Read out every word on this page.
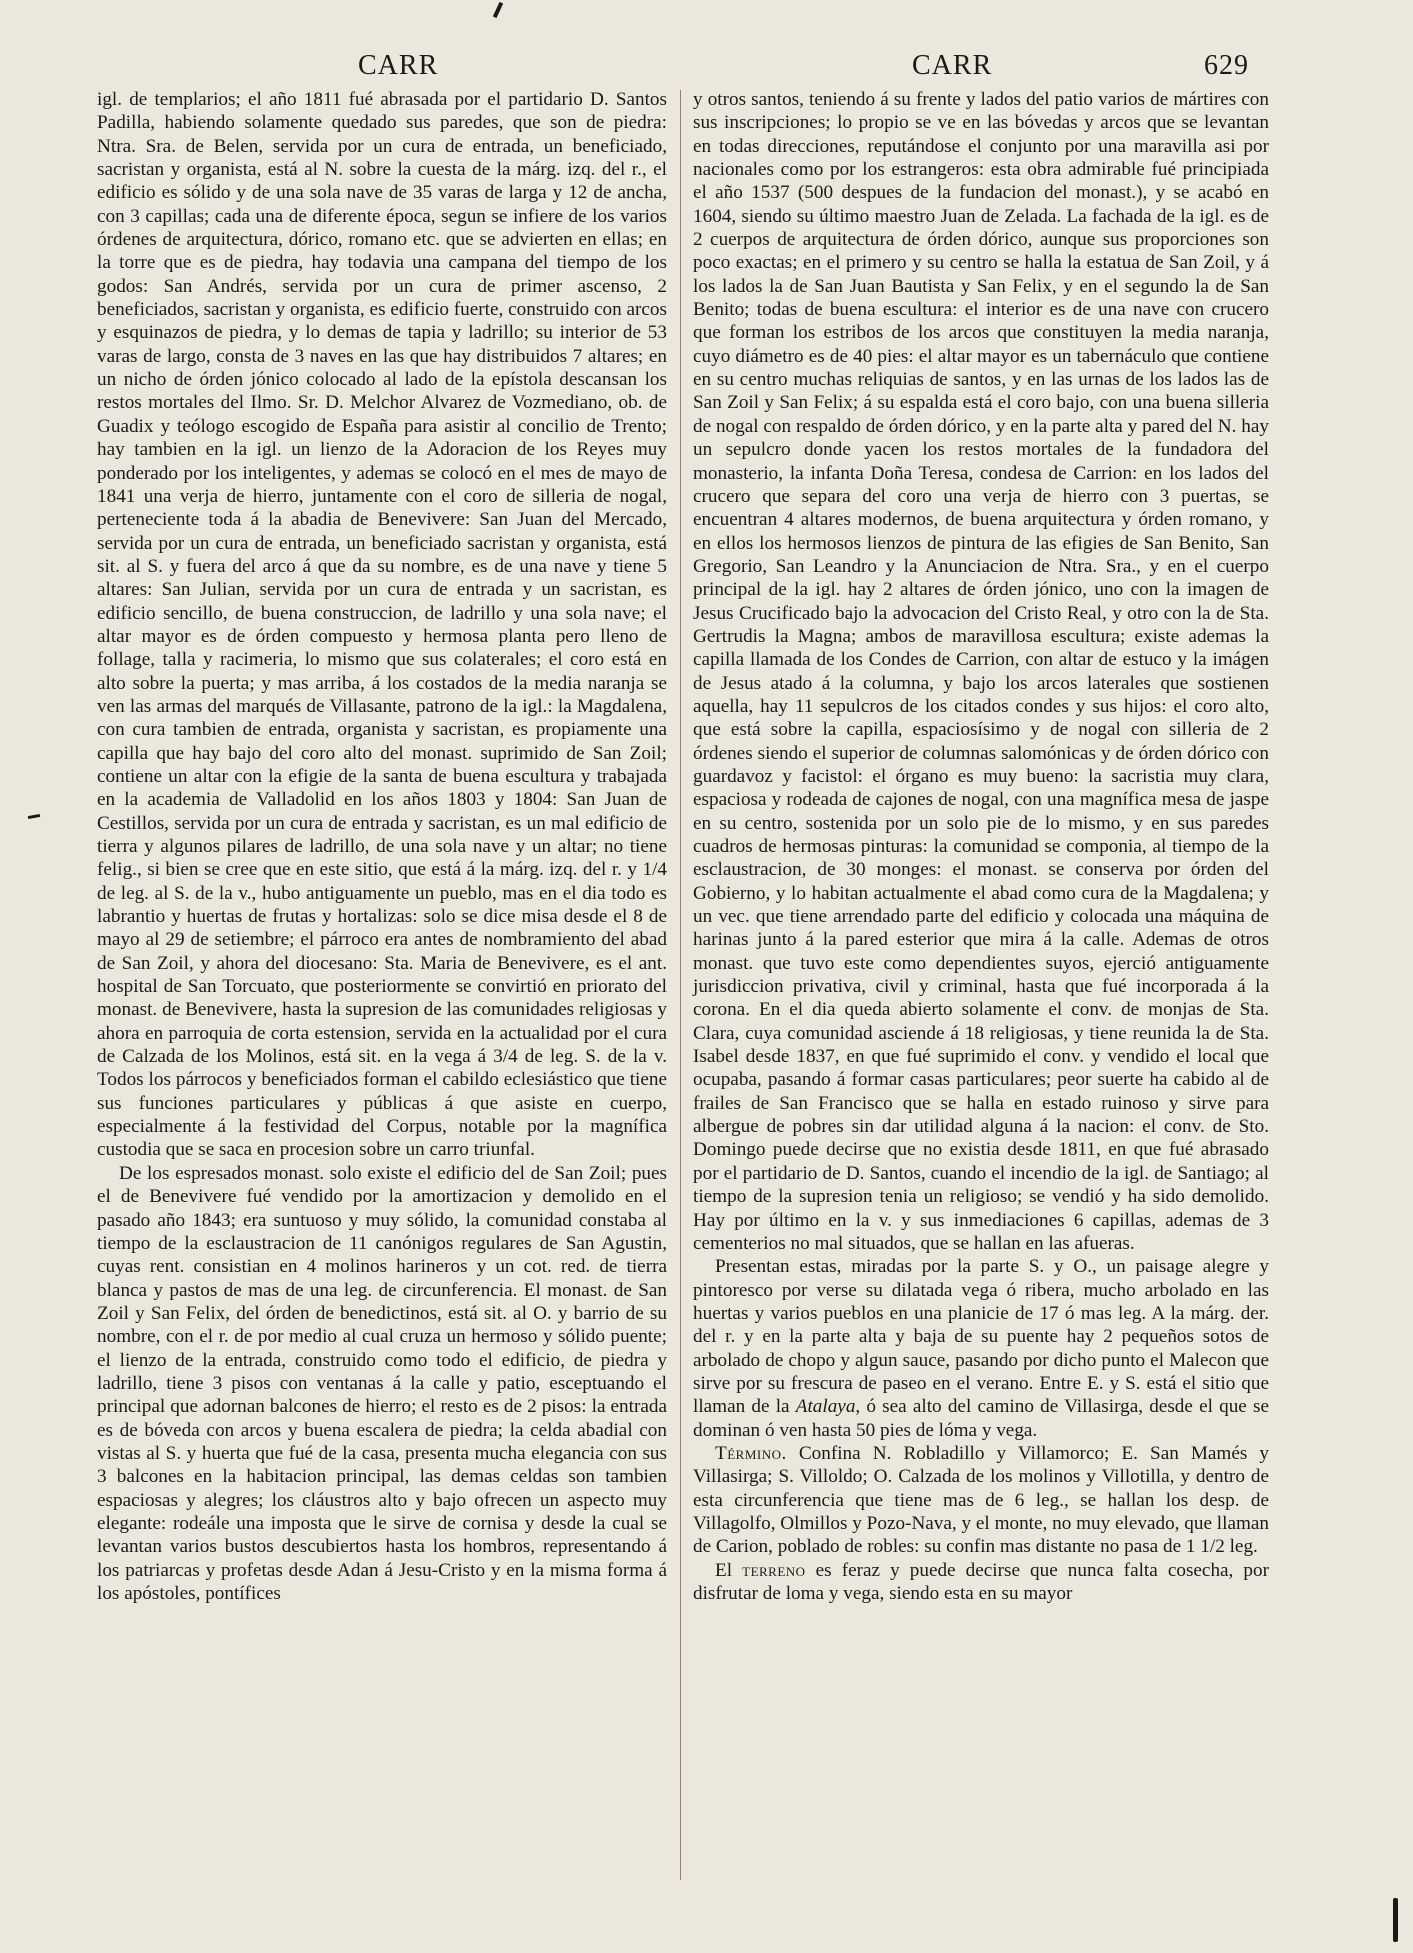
CARR	CARR	629

igl. de templarios; el año 1811 fué abrasada por el partidario D. Santos Padilla, habiendo solamente quedado sus paredes, que son de piedra: Ntra. Sra. de Belen, servida por un cura de entrada, un beneficiado, sacristan y organista, está al N. sobre la cuesta de la márg. izq. del r., el edificio es sólido y de una sola nave de 35 varas de larga y 12 de ancha, con 3 capillas; cada una de diferente época, segun se infiere de los varios órdenes de arquitectura, dórico, romano etc. que se advierten en ellas; en la torre que es de piedra, hay todavia una campana del tiempo de los godos: San Andrés, servida por un cura de primer ascenso, 2 beneficiados, sacristan y organista, es edificio fuerte, construido con arcos y esquinazos de piedra, y lo demas de tapia y ladrillo; su interior de 53 varas de largo, consta de 3 naves en las que hay distribuidos 7 altares; en un nicho de órden jónico colocado al lado de la epístola descansan los restos mortales del Ilmo. Sr. D. Melchor Alvarez de Vozmediano, ob. de Guadix y teólogo escogido de España para asistir al concilio de Trento; hay tambien en la igl. un lienzo de la Adoracion de los Reyes muy ponderado por los inteligentes, y ademas se colocó en el mes de mayo de 1841 una verja de hierro, juntamente con el coro de silleria de nogal, perteneciente toda á la abadia de Benevivere: San Juan del Mercado, servida por un cura de entrada, un beneficiado sacristan y organista, está sit. al S. y fuera del arco á que da su nombre, es de una nave y tiene 5 altares: San Julian, servida por un cura de entrada y un sacristan, es edificio sencillo, de buena construccion, de ladrillo y una sola nave; el altar mayor es de órden compuesto y hermosa planta pero lleno de follage, talla y racimeria, lo mismo que sus colaterales; el coro está en alto sobre la puerta; y mas arriba, á los costados de la media naranja se ven las armas del marqués de Villasante, patrono de la igl.: la Magdalena, con cura tambien de entrada, organista y sacristan, es propiamente una capilla que hay bajo del coro alto del monast. suprimido de San Zoil; contiene un altar con la efigie de la santa de buena escultura y trabajada en la academia de Valladolid en los años 1803 y 1804: San Juan de Cestillos, servida por un cura de entrada y sacristan, es un mal edificio de tierra y algunos pilares de ladrillo, de una sola nave y un altar; no tiene felig., si bien se cree que en este sitio, que está á la márg. izq. del r. y 1/4 de leg. al S. de la v., hubo antiguamente un pueblo, mas en el dia todo es labrantio y huertas de frutas y hortalizas: solo se dice misa desde el 8 de mayo al 29 de setiembre; el párroco era antes de nombramiento del abad de San Zoil, y ahora del diocesano: Sta. Maria de Benevivere, es el ant. hospital de San Torcuato, que posteriormente se convirtió en priorato del monast. de Benevivere, hasta la supresion de las comunidades religiosas y ahora en parroquia de corta estension, servida en la actualidad por el cura de Calzada de los Molinos, está sit. en la vega á 3/4 de leg. S. de la v. Todos los párrocos y beneficiados forman el cabildo eclesiástico que tiene sus funciones particulares y públicas á que asiste en cuerpo, especialmente á la festividad del Corpus, notable por la magnífica custodia que se saca en procesion sobre un carro triunfal.

De los espresados monast. solo existe el edificio del de San Zoil; pues el de Benevivere fué vendido por la amortizacion y demolido en el pasado año 1843; era suntuoso y muy sólido, la comunidad constaba al tiempo de la esclaustracion de 11 canónigos regulares de San Agustin, cuyas rent. consistian en 4 molinos harineros y un cot. red. de tierra blanca y pastos de mas de una leg. de circunferencia. El monast. de San Zoil y San Felix, del órden de benedictinos, está sit. al O. y barrio de su nombre, con el r. de por medio al cual cruza un hermoso y sólido puente; el lienzo de la entrada, construido como todo el edificio, de piedra y ladrillo, tiene 3 pisos con ventanas á la calle y patio, esceptuando el principal que adornan balcones de hierro; el resto es de 2 pisos: la entrada es de bóveda con arcos y buena escalera de piedra; la celda abadial con vistas al S. y huerta que fué de la casa, presenta mucha elegancia con sus 3 balcones en la habitacion principal, las demas celdas son tambien espaciosas y alegres; los cláustros alto y bajo ofrecen un aspecto muy elegante: rodeále una imposta que le sirve de cornisa y desde la cual se levantan varios bustos descubiertos hasta los hombros, representando á los patriarcas y profetas desde Adan á Jesu-Cristo y en la misma forma á los apóstoles, pontífices

y otros santos, teniendo á su frente y lados del patio varios de mártires con sus inscripciones; lo propio se ve en las bóvedas y arcos que se levantan en todas direcciones, reputándose el conjunto por una maravilla asi por nacionales como por los estrangeros: esta obra admirable fué principiada el año 1537 (500 despues de la fundacion del monast.), y se acabó en 1604, siendo su último maestro Juan de Zelada. La fachada de la igl. es de 2 cuerpos de arquitectura de órden dórico, aunque sus proporciones son poco exactas; en el primero y su centro se halla la estatua de San Zoil, y á los lados la de San Juan Bautista y San Felix, y en el segundo la de San Benito; todas de buena escultura: el interior es de una nave con crucero que forman los estribos de los arcos que constituyen la media naranja, cuyo diámetro es de 40 pies: el altar mayor es un tabernáculo que contiene en su centro muchas reliquias de santos, y en las urnas de los lados las de San Zoil y San Felix; á su espalda está el coro bajo, con una buena silleria de nogal con respaldo de órden dórico, y en la parte alta y pared del N. hay un sepulcro donde yacen los restos mortales de la fundadora del monasterio, la infanta Doña Teresa, condesa de Carrion: en los lados del crucero que separa del coro una verja de hierro con 3 puertas, se encuentran 4 altares modernos, de buena arquitectura y órden romano, y en ellos los hermosos lienzos de pintura de las efigies de San Benito, San Gregorio, San Leandro y la Anunciacion de Ntra. Sra., y en el cuerpo principal de la igl. hay 2 altares de órden jónico, uno con la imagen de Jesus Crucificado bajo la advocacion del Cristo Real, y otro con la de Sta. Gertrudis la Magna; ambos de maravillosa escultura; existe ademas la capilla llamada de los Condes de Carrion, con altar de estuco y la imágen de Jesus atado á la columna, y bajo los arcos laterales que sostienen aquella, hay 11 sepulcros de los citados condes y sus hijos: el coro alto, que está sobre la capilla, espaciosísimo y de nogal con silleria de 2 órdenes siendo el superior de columnas salomónicas y de órden dórico con guardavoz y facistol: el órgano es muy bueno: la sacristia muy clara, espaciosa y rodeada de cajones de nogal, con una magnífica mesa de jaspe en su centro, sostenida por un solo pie de lo mismo, y en sus paredes cuadros de hermosas pinturas: la comunidad se componia, al tiempo de la esclaustracion, de 30 monges: el monast. se conserva por órden del Gobierno, y lo habitan actualmente el abad como cura de la Magdalena; y un vec. que tiene arrendado parte del edificio y colocada una máquina de harinas junto á la pared esterior que mira á la calle. Ademas de otros monast. que tuvo este como dependientes suyos, ejerció antiguamente jurisdiccion privativa, civil y criminal, hasta que fué incorporada á la corona. En el dia queda abierto solamente el conv. de monjas de Sta. Clara, cuya comunidad asciende á 18 religiosas, y tiene reunida la de Sta. Isabel desde 1837, en que fué suprimido el conv. y vendido el local que ocupaba, pasando á formar casas particulares; peor suerte ha cabido al de frailes de San Francisco que se halla en estado ruinoso y sirve para albergue de pobres sin dar utilidad alguna á la nacion: el conv. de Sto. Domingo puede decirse que no existia desde 1811, en que fué abrasado por el partidario de D. Santos, cuando el incendio de la igl. de Santiago; al tiempo de la supresion tenia un religioso; se vendió y ha sido demolido. Hay por último en la v. y sus inmediaciones 6 capillas, ademas de 3 cementerios no mal situados, que se hallan en las afueras.

Presentan estas, miradas por la parte S. y O., un paisage alegre y pintoresco por verse su dilatada vega ó ribera, mucho arbolado en las huertas y varios pueblos en una planicie de 17 ó mas leg. A la márg. der. del r. y en la parte alta y baja de su puente hay 2 pequeños sotos de arbolado de chopo y algun sauce, pasando por dicho punto el Malecon que sirve por su frescura de paseo en el verano. Entre E. y S. está el sitio que llaman de la Atalaya, ó sea alto del camino de Villasirga, desde el que se dominan ó ven hasta 50 pies de lóma y vega.

Término. Confina N. Robladillo y Villamorco; E. San Mamés y Villasirga; S. Villoldo; O. Calzada de los molinos y Villotilla, y dentro de esta circunferencia que tiene mas de 6 leg., se hallan los desp. de Villagolfo, Olmillos y Pozo-Nava, y el monte, no muy elevado, que llaman de Carion, poblado de robles: su confin mas distante no pasa de 1 1/2 leg.

El terreno es feraz y puede decirse que nunca falta cosecha, por disfrutar de loma y vega, siendo esta en su mayor
